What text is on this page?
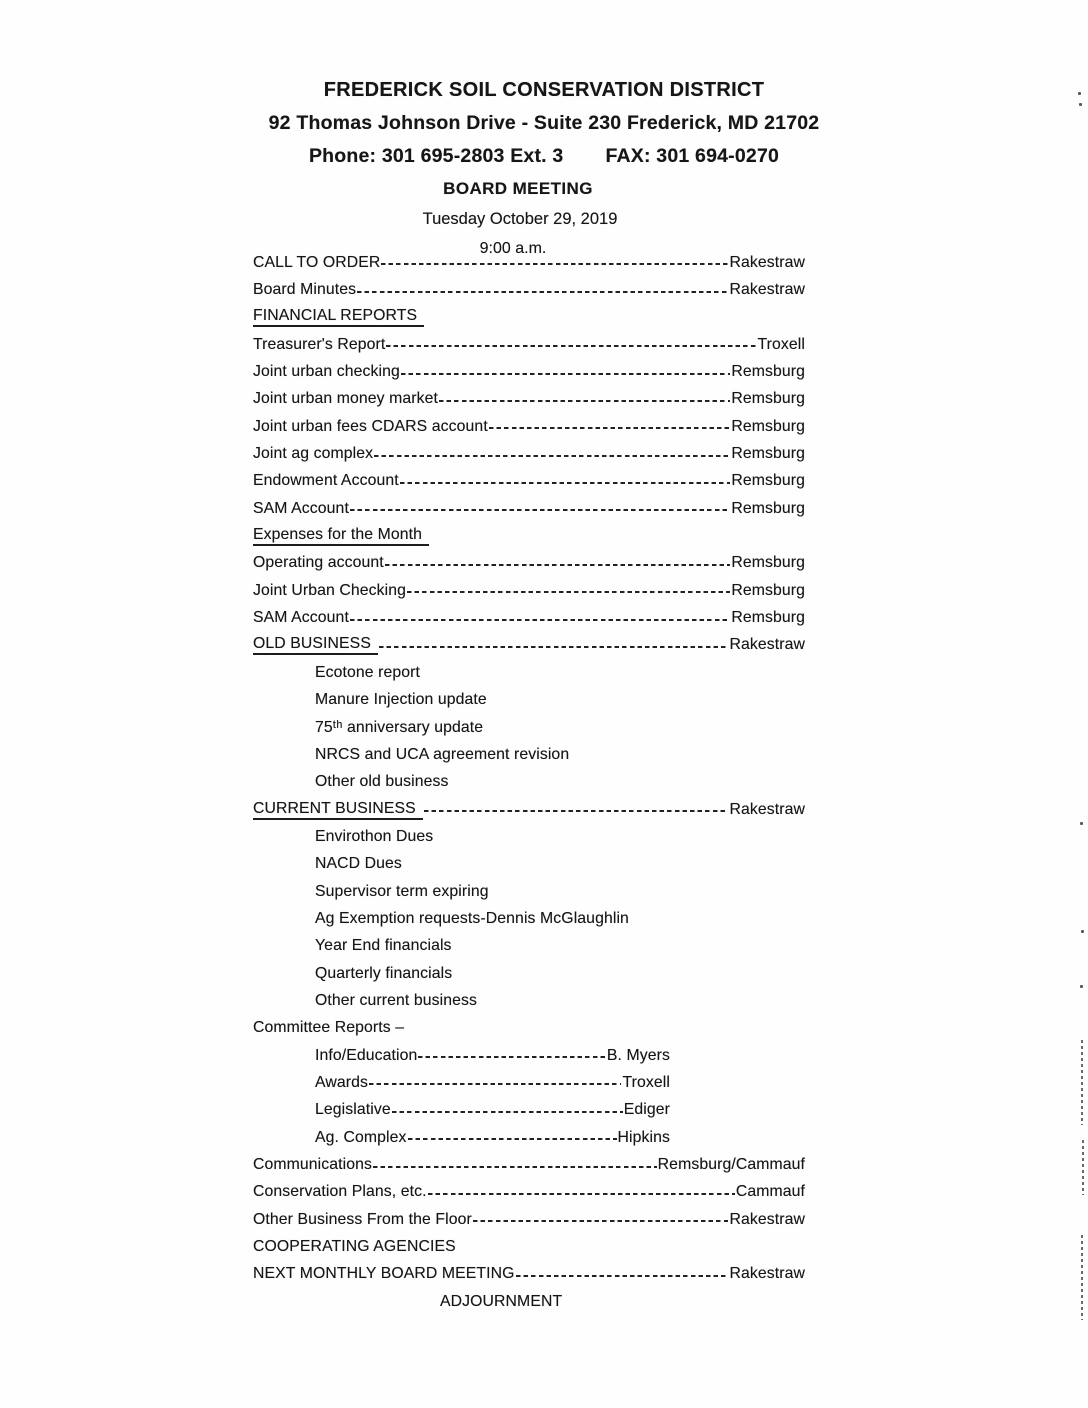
FREDERICK SOIL CONSERVATION DISTRICT
92 Thomas Johnson Drive - Suite 230 Frederick, MD 21702
Phone: 301 695-2803 Ext. 3 FAX: 301 694-0270
BOARD MEETING
Tuesday October 29, 2019
9:00 a.m.
CALL TO ORDER	Rakestraw
Board Minutes	Rakestraw
FINANCIAL REPORTS
Treasurer's Report	Troxell
Joint urban checking	Remsburg
Joint urban money market	Remsburg
Joint urban fees CDARS account	Remsburg
Joint ag complex	Remsburg
Endowment Account	Remsburg
SAM Account	Remsburg
Expenses for the Month
Operating account	Remsburg
Joint Urban Checking	Remsburg
SAM Account	Remsburg
OLD BUSINESS	Rakestraw
Ecotone report
Manure Injection update
75ᵗʰ anniversary update
NRCS and UCA agreement revision
Other old business
CURRENT BUSINESS	Rakestraw
Envirothon Dues
NACD Dues
Supervisor term expiring
Ag Exemption requests-Dennis McGlaughlin
Year End financials
Quarterly financials
Other current business
Committee Reports –
Info/Education	B. Myers
Awards	Troxell
Legislative	Ediger
Ag. Complex	Hipkins
Communications	Remsburg/Cammauf
Conservation Plans, etc.	Cammauf
Other Business From the Floor	Rakestraw
COOPERATING AGENCIES
NEXT MONTHLY BOARD MEETING	Rakestraw
ADJOURNMENT
